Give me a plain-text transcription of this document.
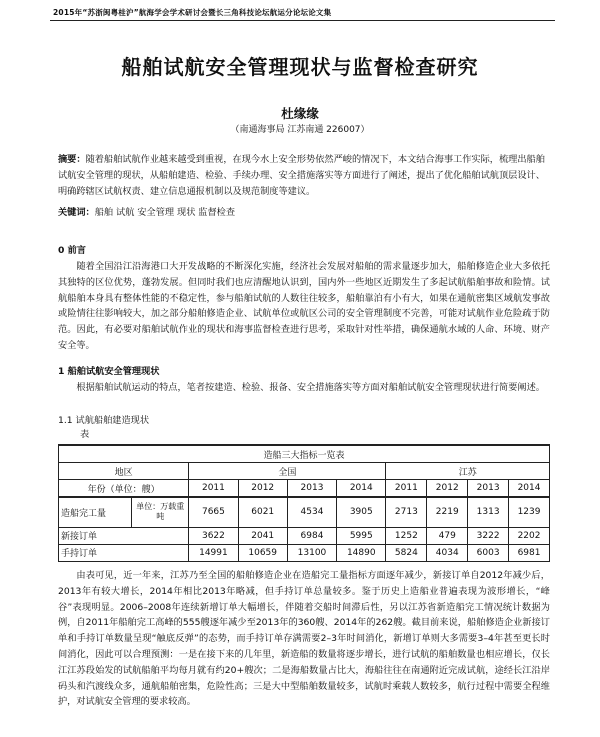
2015年“苏浙闽粤桂沪”航海学会学术研讨会暨长三角科技论坛航运分论坛论文集
船舶试航安全管理现状与监督检查研究
杜缘缘
（南通海事局 江苏南通 226007）
摘要：随着船舶试航作业越来越受到重视，在现今水上安全形势依然严峻的情况下，本文结合海事工作实际，梳理出船舶试航安全管理的现状，从船舶建造、检验、手续办理、安全措施落实等方面进行了阐述，提出了优化船舶试航顶层设计、明确跨辖区试航权责、建立信息通报机制以及规范制度等建议。
关键词：船舶 试航 安全管理 现状 监督检查
0 前言
随着全国沿江沿海港口大开发战略的不断深化实施，经济社会发展对船舶的需求量逐步加大，船舶修造企业大多依托其独特的区位优势，蓬勃发展。但同时我们也应清醒地认识到，国内外一些地区近期发生了多起试航船舶事故和险情。试航船舶本身具有整体性能的不稳定性，参与船舶试航的人数往往较多，船舶靠泊有小有大，如果在通航密集区域航发事故或险情往往影响较大，加之部分船舶修造企业、试航单位或航区公司的安全管理制度不完善，可能对试航作业危险疏于防范。因此，有必要对船舶试航作业的现状和海事监督检查进行思考，采取针对性举措，确保通航水域的人命、环境、财产安全等。
1 船舶试航安全管理现状
根据船舶试航运动的特点，笔者按建造、检验、报备、安全措施落实等方面对船舶试航安全管理现状进行简要阐述。
1.1 试航船舶建造现状
表
造船三大指标一览表									
地区		全国				江苏			
年份（单位：艘）		2011	2012	2013	2014	2011	2012	2013	2014
造船完工量	单位：万载重吨	7665	6021	4534	3905	2713	2219	1313	1239
新接订单		3622	2041	6984	5995	1252	479	3222	2202
手持订单		14991	10659	13100	14890	5824	4034	6003	6981
由表可见，近一年来，江苏乃至全国的船舶修造企业在造船完工量指标方面逐年减少，新接订单自2012年减少后，2013年有较大增长，2014年相比2013年略减，但手持订单总量较多。鉴于历史上造船业普遍表现为波形增长，“峰谷”表现明显。2006–2008年连续新增订单大幅增长，伴随着交船时间滞后性，另以江苏省新造船完工情况统计数据为例，自2011年船舶完工高峰的555艘逐年减少至2013年的360艘、2014年的262艘。截目前来说，船舶修造企业新接订单和手持订单数量呈现“触底反弹”的态势，而手持订单存满需要2–3年时间消化，新增订单则大多需要3–4年甚至更长时间消化，因此可以合理预测：一是在接下来的几年里，新造船的数量将逐步增长，进行试航的船舶数量也相应增长，仅长江江苏段始发的试航船舶平均每月就有约20+艘次；二是海船数量占比大，海船往往在南通附近完成试航，途经长江沿岸码头和汽渡线众多，通航船舶密集，危险性高；三是大中型船舶数量较多，试航时乘载人数较多，航行过程中需要全程维护，对试航安全管理的要求较高。
